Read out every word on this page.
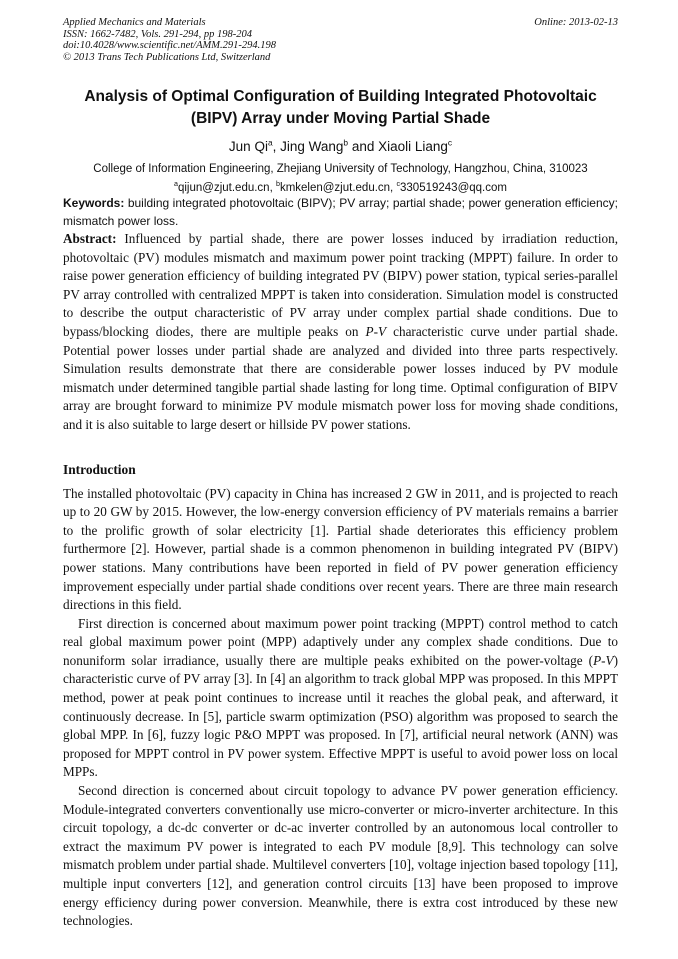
Applied Mechanics and Materials
ISSN: 1662-7482, Vols. 291-294, pp 198-204
doi:10.4028/www.scientific.net/AMM.291-294.198
© 2013 Trans Tech Publications Ltd, Switzerland
Online: 2013-02-13
Analysis of Optimal Configuration of Building Integrated Photovoltaic
(BIPV) Array under Moving Partial Shade
Jun Qi$^a$, Jing Wang$^b$ and Xiaoli Liang$^c$
College of Information Engineering, Zhejiang University of Technology, Hangzhou, China, 310023
$^a$qijun@zjut.edu.cn, $^b$kmkelen@zjut.edu.cn, $^c$330519243@qq.com

Keywords: building integrated photovoltaic (BIPV); PV array; partial shade; power generation efficiency; mismatch power loss.

Abstract: Influenced by partial shade, there are power losses induced by irradiation reduction, photovoltaic (PV) modules mismatch and maximum power point tracking (MPPT) failure. In order to raise power generation efficiency of building integrated PV (BIPV) power station, typical series-parallel PV array controlled with centralized MPPT is taken into consideration. Simulation model is constructed to describe the output characteristic of PV array under complex partial shade conditions. Due to bypass/blocking diodes, there are multiple peaks on P-V characteristic curve under partial shade. Potential power losses under partial shade are analyzed and divided into three parts respectively. Simulation results demonstrate that there are considerable power losses induced by PV module mismatch under determined tangible partial shade lasting for long time. Optimal configuration of BIPV array are brought forward to minimize PV module mismatch power loss for moving shade conditions, and it is also suitable to large desert or hillside PV power stations.

Introduction

The installed photovoltaic (PV) capacity in China has increased 2 GW in 2011, and is projected to reach up to 20 GW by 2015. However, the low-energy conversion efficiency of PV materials remains a barrier to the prolific growth of solar electricity [1]. Partial shade deteriorates this efficiency problem furthermore [2]. However, partial shade is a common phenomenon in building integrated PV (BIPV) power stations. Many contributions have been reported in field of PV power generation efficiency improvement especially under partial shade conditions over recent years. There are three main research directions in this field.

First direction is concerned about maximum power point tracking (MPPT) control method to catch real global maximum power point (MPP) adaptively under any complex shade conditions. Due to nonuniform solar irradiance, usually there are multiple peaks exhibited on the power-voltage (P-V) characteristic curve of PV array [3]. In [4] an algorithm to track global MPP was proposed. In this MPPT method, power at peak point continues to increase until it reaches the global peak, and afterward, it continuously decrease. In [5], particle swarm optimization (PSO) algorithm was proposed to search the global MPP. In [6], fuzzy logic P&O MPPT was proposed. In [7], artificial neural network (ANN) was proposed for MPPT control in PV power system. Effective MPPT is useful to avoid power loss on local MPPs.

Second direction is concerned about circuit topology to advance PV power generation efficiency. Module-integrated converters conventionally use micro-converter or micro-inverter architecture. In this circuit topology, a dc-dc converter or dc-ac inverter controlled by an autonomous local controller to extract the maximum PV power is integrated to each PV module [8,9]. This technology can solve mismatch problem under partial shade. Multilevel converters [10], voltage injection based topology [11], multiple input converters [12], and generation control circuits [13] have been proposed to improve energy efficiency during power conversion. Meanwhile, there is extra cost introduced by these new technologies.
